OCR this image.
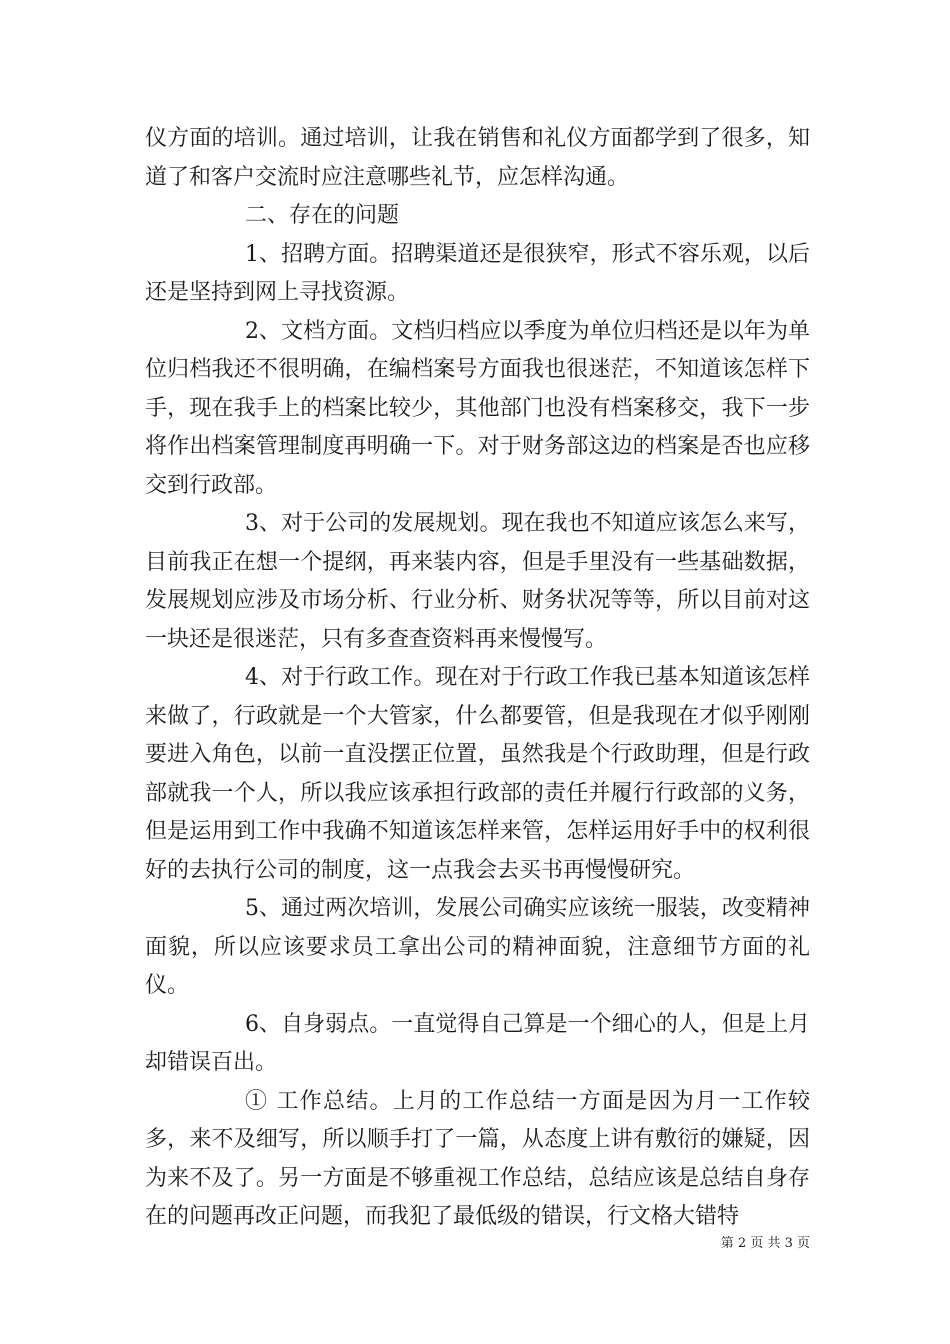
仪方面的培训。通过培训，让我在销售和礼仪方面都学到了很多，知道了和客户交流时应注意哪些礼节，应怎样沟通。

二、存在的问题

1、招聘方面。招聘渠道还是很狭窄，形式不容乐观，以后还是坚持到网上寻找资源。

2、文档方面。文档归档应以季度为单位归档还是以年为单位归档我还不很明确，在编档案号方面我也很迷茫，不知道该怎样下手，现在我手上的档案比较少，其他部门也没有档案移交，我下一步将作出档案管理制度再明确一下。对于财务部这边的档案是否也应移交到行政部。

3、对于公司的发展规划。现在我也不知道应该怎么来写，目前我正在想一个提纲，再来装内容，但是手里没有一些基础数据，发展规划应涉及市场分析、行业分析、财务状况等等，所以目前对这一块还是很迷茫，只有多查查资料再来慢慢写。

4、对于行政工作。现在对于行政工作我已基本知道该怎样来做了，行政就是一个大管家，什么都要管，但是我现在才似乎刚刚要进入角色，以前一直没摆正位置，虽然我是个行政助理，但是行政部就我一个人，所以我应该承担行政部的责任并履行行政部的义务，但是运用到工作中我确不知道该怎样来管，怎样运用好手中的权利很好的去执行公司的制度，这一点我会去买书再慢慢研究。

5、通过两次培训，发展公司确实应该统一服装，改变精神面貌，所以应该要求员工拿出公司的精神面貌，注意细节方面的礼仪。

6、自身弱点。一直觉得自己算是一个细心的人，但是上月却错误百出。

① 工作总结。上月的工作总结一方面是因为月一工作较多，来不及细写，所以顺手打了一篇，从态度上讲有敷衍的嫌疑，因为来不及了。另一方面是不够重视工作总结，总结应该是总结自身存在的问题再改正问题，而我犯了最低级的错误，行文格大错特

第 2 页 共 3 页
